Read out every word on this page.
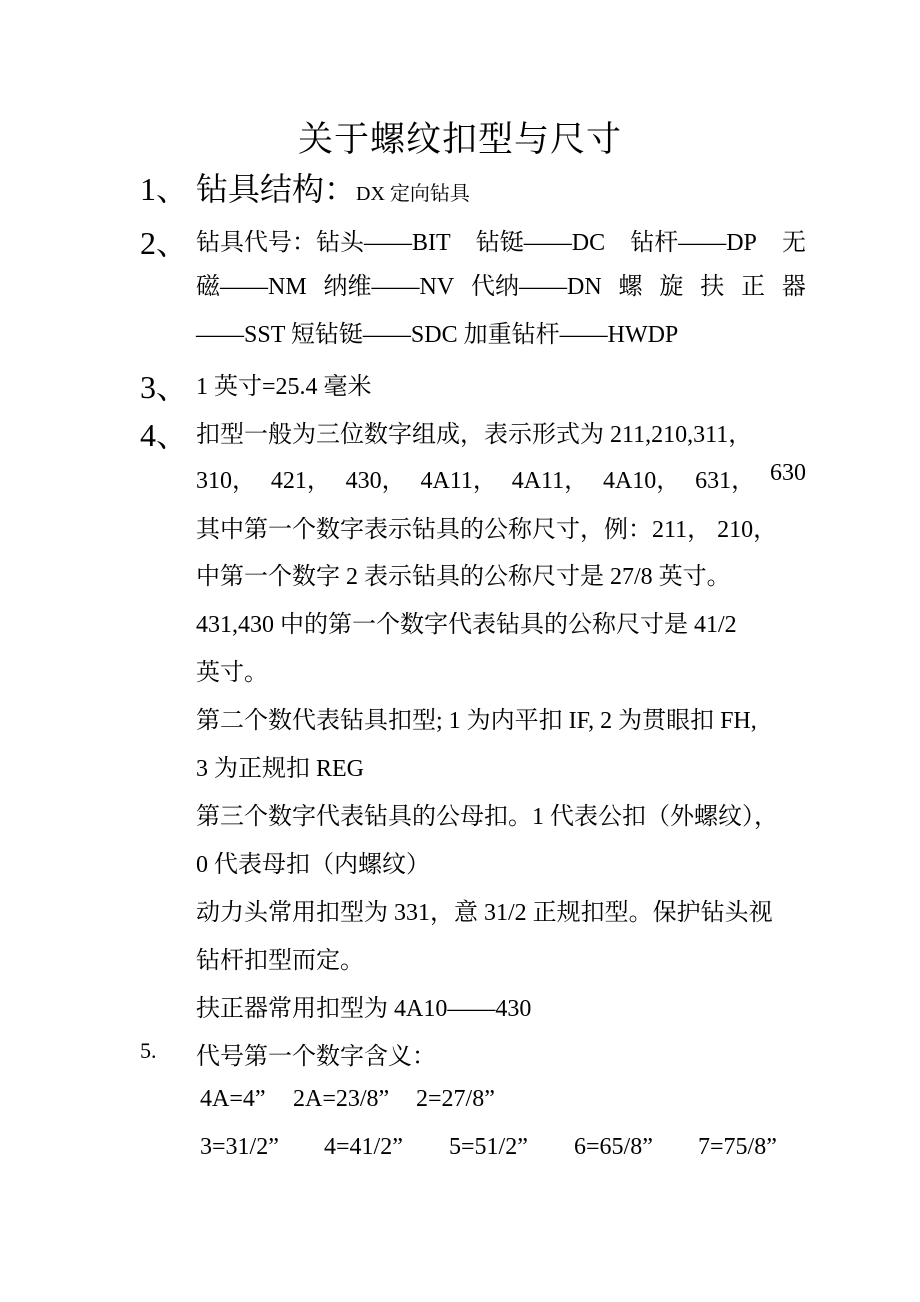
关于螺纹扣型与尺寸
1、 钻具结构：DX 定向钻具
2、 钻具代号：钻头——BIT 钻铤——DC 钻杆——DP 无
磁——NM 纳维——NV 代纳——DN 螺 旋 扶 正 器
——SST 短钻铤——SDC 加重钻杆——HWDP
3、 1 英寸=25.4 毫米
4、 扣型一般为三位数字组成，表示形式为 211,210,311，
310， 421， 430， 4A11， 4A11， 4A10， 631， 630
其中第一个数字表示钻具的公称尺寸，例：211， 210，
中第一个数字 2 表示钻具的公称尺寸是 27/8 英寸。
431,430 中的第一个数字代表钻具的公称尺寸是 41/2
英寸。
第二个数代表钻具扣型; 1 为内平扣 IF, 2 为贯眼扣 FH,
3 为正规扣 REG
第三个数字代表钻具的公母扣。1 代表公扣（外螺纹），
0 代表母扣（内螺纹）
动力头常用扣型为 331，意 31/2 正规扣型。保护钻头视
钻杆扣型而定。
扶正器常用扣型为 4A10——430
5. 代号第一个数字含义：
4A=4” 2A=23/8” 2=27/8”
3=31/2” 4=41/2” 5=51/2” 6=65/8” 7=75/8”
